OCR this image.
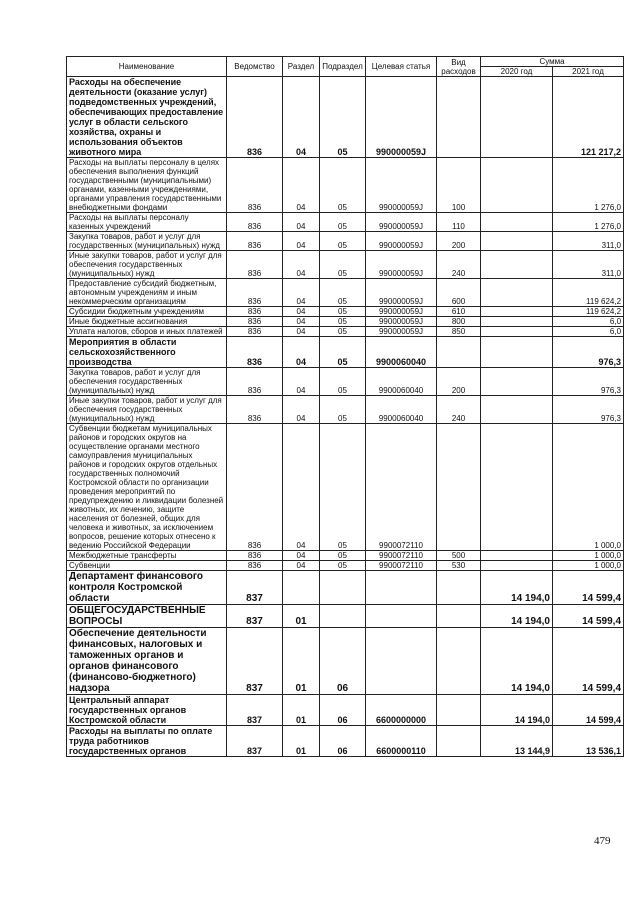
Наименование	Ведомство	Раздел	Подраздел	Целевая статья	Вид расходов	Сумма	
						2020 год	2021 год
Расходы на обеспечение деятельности (оказание услуг) подведомственных учреждений, обеспечивающих предоставление услуг в области сельского хозяйства, охраны и использования объектов животного мира	836	04	05	990000059J			121 217,2
Расходы на выплаты персоналу в целях обеспечения выполнения функций государственными (муниципальными) органами, казенными учреждениями, органами управления государственными внебюджетными фондами	836	04	05	990000059J	100		1 276,0
Расходы на выплаты персоналу казенных учреждений	836	04	05	990000059J	110		1 276,0
Закупка товаров, работ и услуг для государственных (муниципальных) нужд	836	04	05	990000059J	200		311,0
Иные закупки товаров, работ и услуг для обеспечения государственных (муниципальных) нужд	836	04	05	990000059J	240		311,0
Предоставление субсидий бюджетным, автономным учреждениям и иным некоммерческим организациям	836	04	05	990000059J	600		119 624,2
Субсидии бюджетным учреждениям	836	04	05	990000059J	610		119 624,2
Иные бюджетные ассигнования	836	04	05	990000059J	800		6,0
Уплата налогов, сборов и иных платежей	836	04	05	990000059J	850		6,0
Мероприятия в области сельскохозяйственного производства	836	04	05	9900060040			976,3
Закупка товаров, работ и услуг для обеспечения государственных (муниципальных) нужд	836	04	05	9900060040	200		976,3
Иные закупки товаров, работ и услуг для обеспечения государственных (муниципальных) нужд	836	04	05	9900060040	240		976,3
Субвенции бюджетам муниципальных районов и городских округов на осуществление органами местного самоуправления муниципальных районов и городских округов отдельных государственных полномочий Костромской области по организации проведения мероприятий по предупреждению и ликвидации болезней животных, их лечению, защите населения от болезней, общих для человека и животных, за исключением вопросов, решение которых отнесено к ведению Российской Федерации	836	04	05	9900072110			1 000,0
Межбюджетные трансферты	836	04	05	9900072110	500		1 000,0
Субвенции	836	04	05	9900072110	530		1 000,0
Департамент финансового контроля Костромской области	837					14 194,0	14 599,4
ОБЩЕГОСУДАРСТВЕННЫЕ ВОПРОСЫ	837	01				14 194,0	14 599,4
Обеспечение деятельности финансовых, налоговых и таможенных органов и органов финансового (финансово-бюджетного) надзора	837	01	06			14 194,0	14 599,4
Центральный аппарат государственных органов Костромской области	837	01	06	6600000000		14 194,0	14 599,4
Расходы на выплаты по оплате труда работников государственных органов	837	01	06	6600000110		13 144,9	13 536,1
479
